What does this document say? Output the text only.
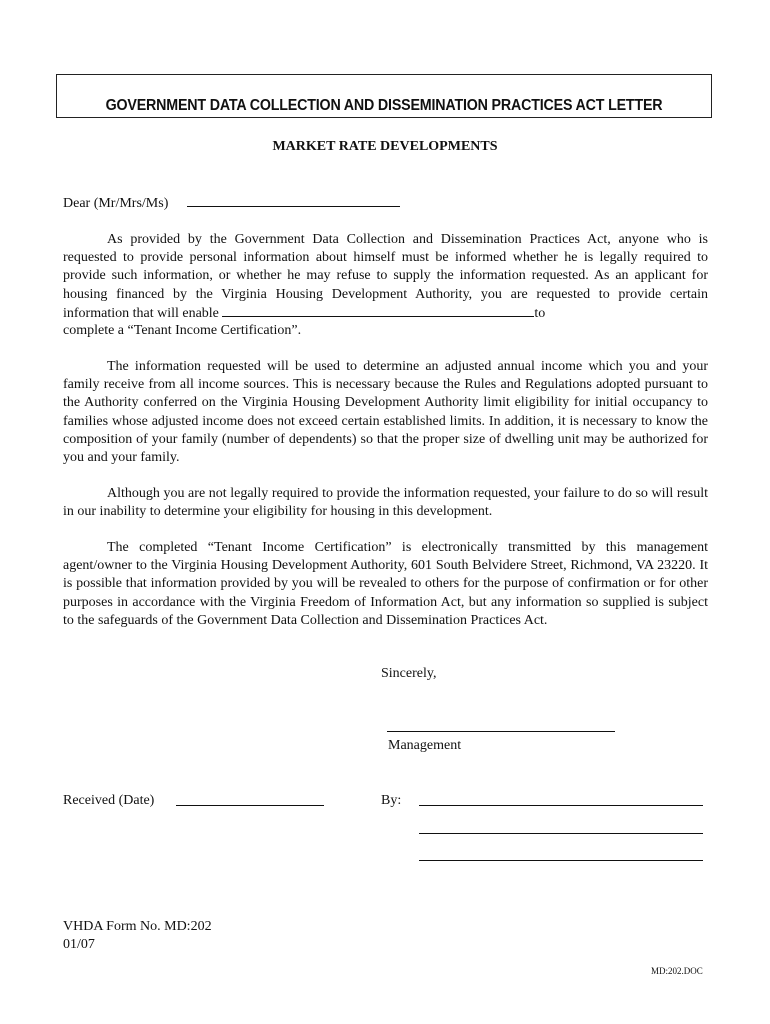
GOVERNMENT DATA COLLECTION AND DISSEMINATION PRACTICES ACT LETTER
MARKET RATE DEVELOPMENTS
Dear (Mr/Mrs/Ms)
As provided by the Government Data Collection and Dissemination Practices Act, anyone who is requested to provide personal information about himself must be informed whether he is legally required to provide such information, or whether he may refuse to supply the information requested. As an applicant for housing financed by the Virginia Housing Development Authority, you are requested to provide certain information that will enable	to
complete a “Tenant Income Certification”.
The information requested will be used to determine an adjusted annual income which you and your family receive from all income sources. This is necessary because the Rules and Regulations adopted pursuant to the Authority conferred on the Virginia Housing Development Authority limit eligibility for initial occupancy to families whose adjusted income does not exceed certain established limits. In addition, it is necessary to know the composition of your family (number of dependents) so that the proper size of dwelling unit may be authorized for you and your family.
Although you are not legally required to provide the information requested, your failure to do so will result in our inability to determine your eligibility for housing in this development.
The completed “Tenant Income Certification” is electronically transmitted by this management agent/owner to the Virginia Housing Development Authority, 601 South Belvidere Street, Richmond, VA 23220. It is possible that information provided by you will be revealed to others for the purpose of confirmation or for other purposes in accordance with the Virginia Freedom of Information Act, but any information so supplied is subject to the safeguards of the Government Data Collection and Dissemination Practices Act.
Sincerely,
Management
Received (Date)	By:
VHDA Form No. MD:202
01/07
MD:202.DOC
